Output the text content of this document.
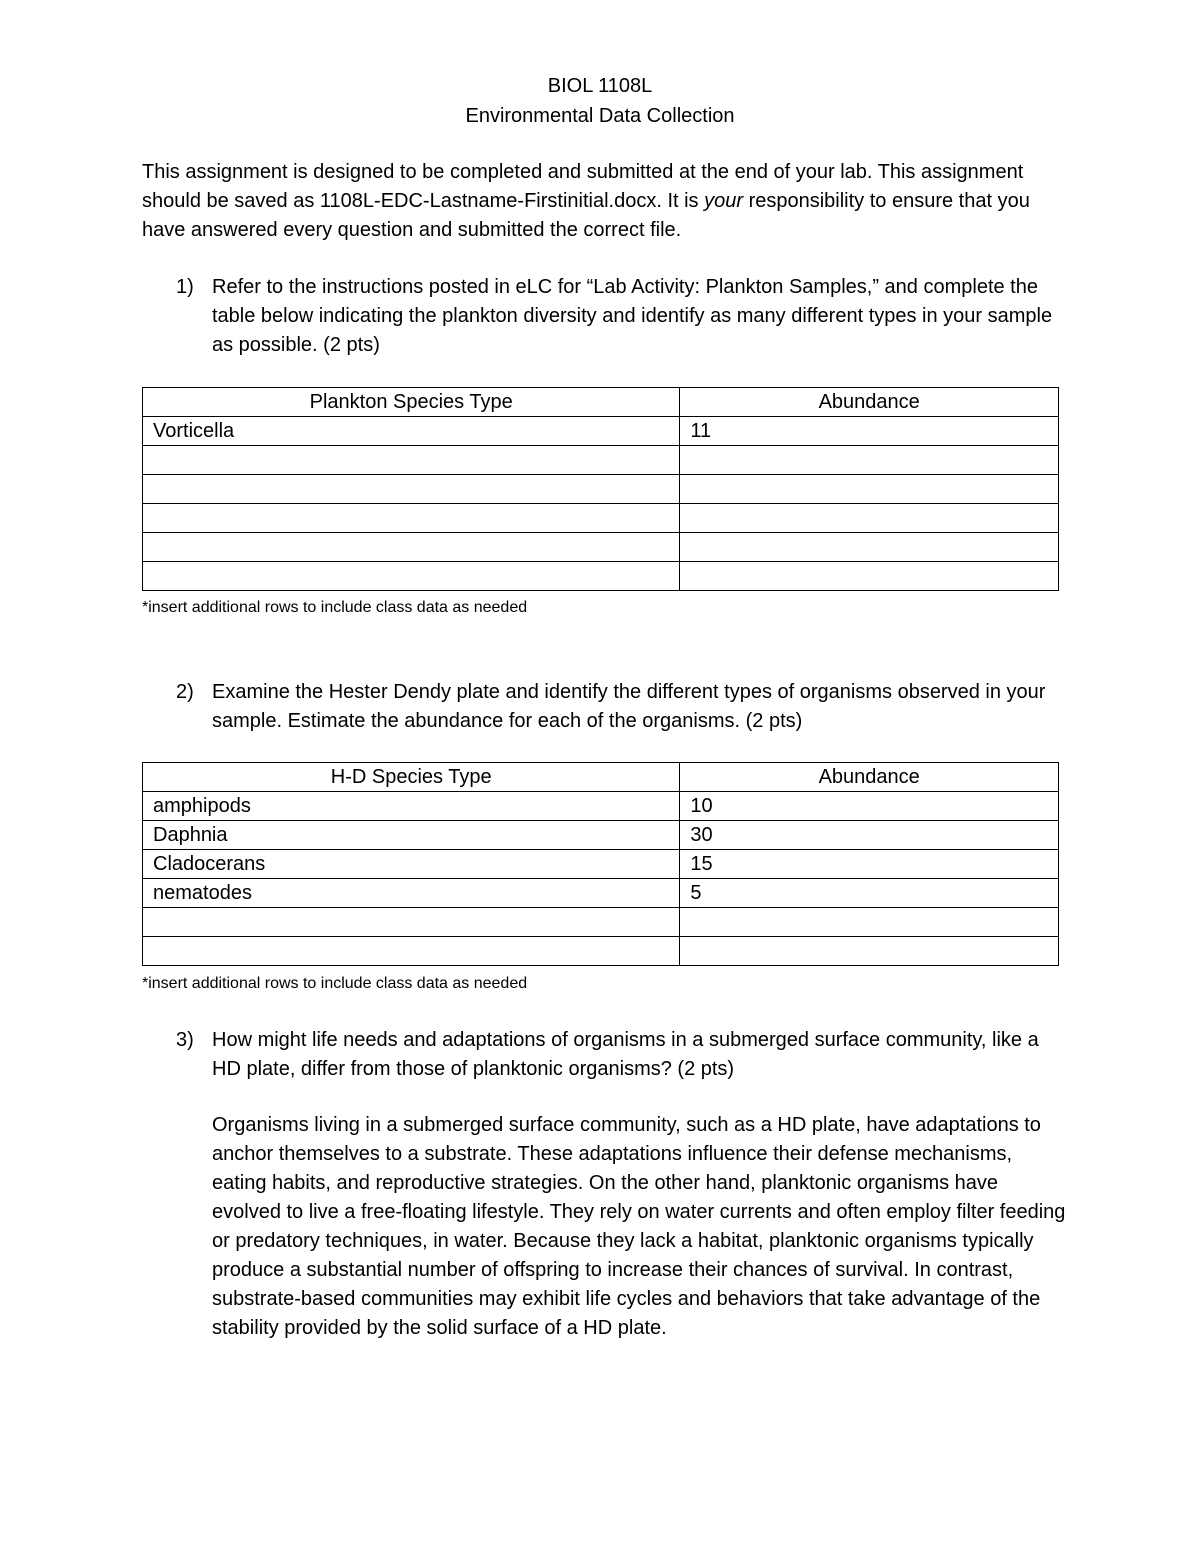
BIOL 1108L
Environmental Data Collection
This assignment is designed to be completed and submitted at the end of your lab. This assignment should be saved as 1108L-EDC-Lastname-Firstinitial.docx. It is your responsibility to ensure that you have answered every question and submitted the correct file.
1) Refer to the instructions posted in eLC for “Lab Activity: Plankton Samples,” and complete the table below indicating the plankton diversity and identify as many different types in your sample as possible. (2 pts)
Plankton Species Type	Abundance
Vorticella	11

*insert additional rows to include class data as needed
2) Examine the Hester Dendy plate and identify the different types of organisms observed in your sample. Estimate the abundance for each of the organisms. (2 pts)
H-D Species Type	Abundance
amphipods	10
Daphnia	30
Cladocerans	15
nematodes	5

*insert additional rows to include class data as needed
3) How might life needs and adaptations of organisms in a submerged surface community, like a HD plate, differ from those of planktonic organisms? (2 pts)
Organisms living in a submerged surface community, such as a HD plate, have adaptations to anchor themselves to a substrate. These adaptations influence their defense mechanisms, eating habits, and reproductive strategies. On the other hand, planktonic organisms have evolved to live a free-floating lifestyle. They rely on water currents and often employ filter feeding or predatory techniques, in water. Because they lack a habitat, planktonic organisms typically produce a substantial number of offspring to increase their chances of survival. In contrast, substrate-based communities may exhibit life cycles and behaviors that take advantage of the stability provided by the solid surface of a HD plate.
